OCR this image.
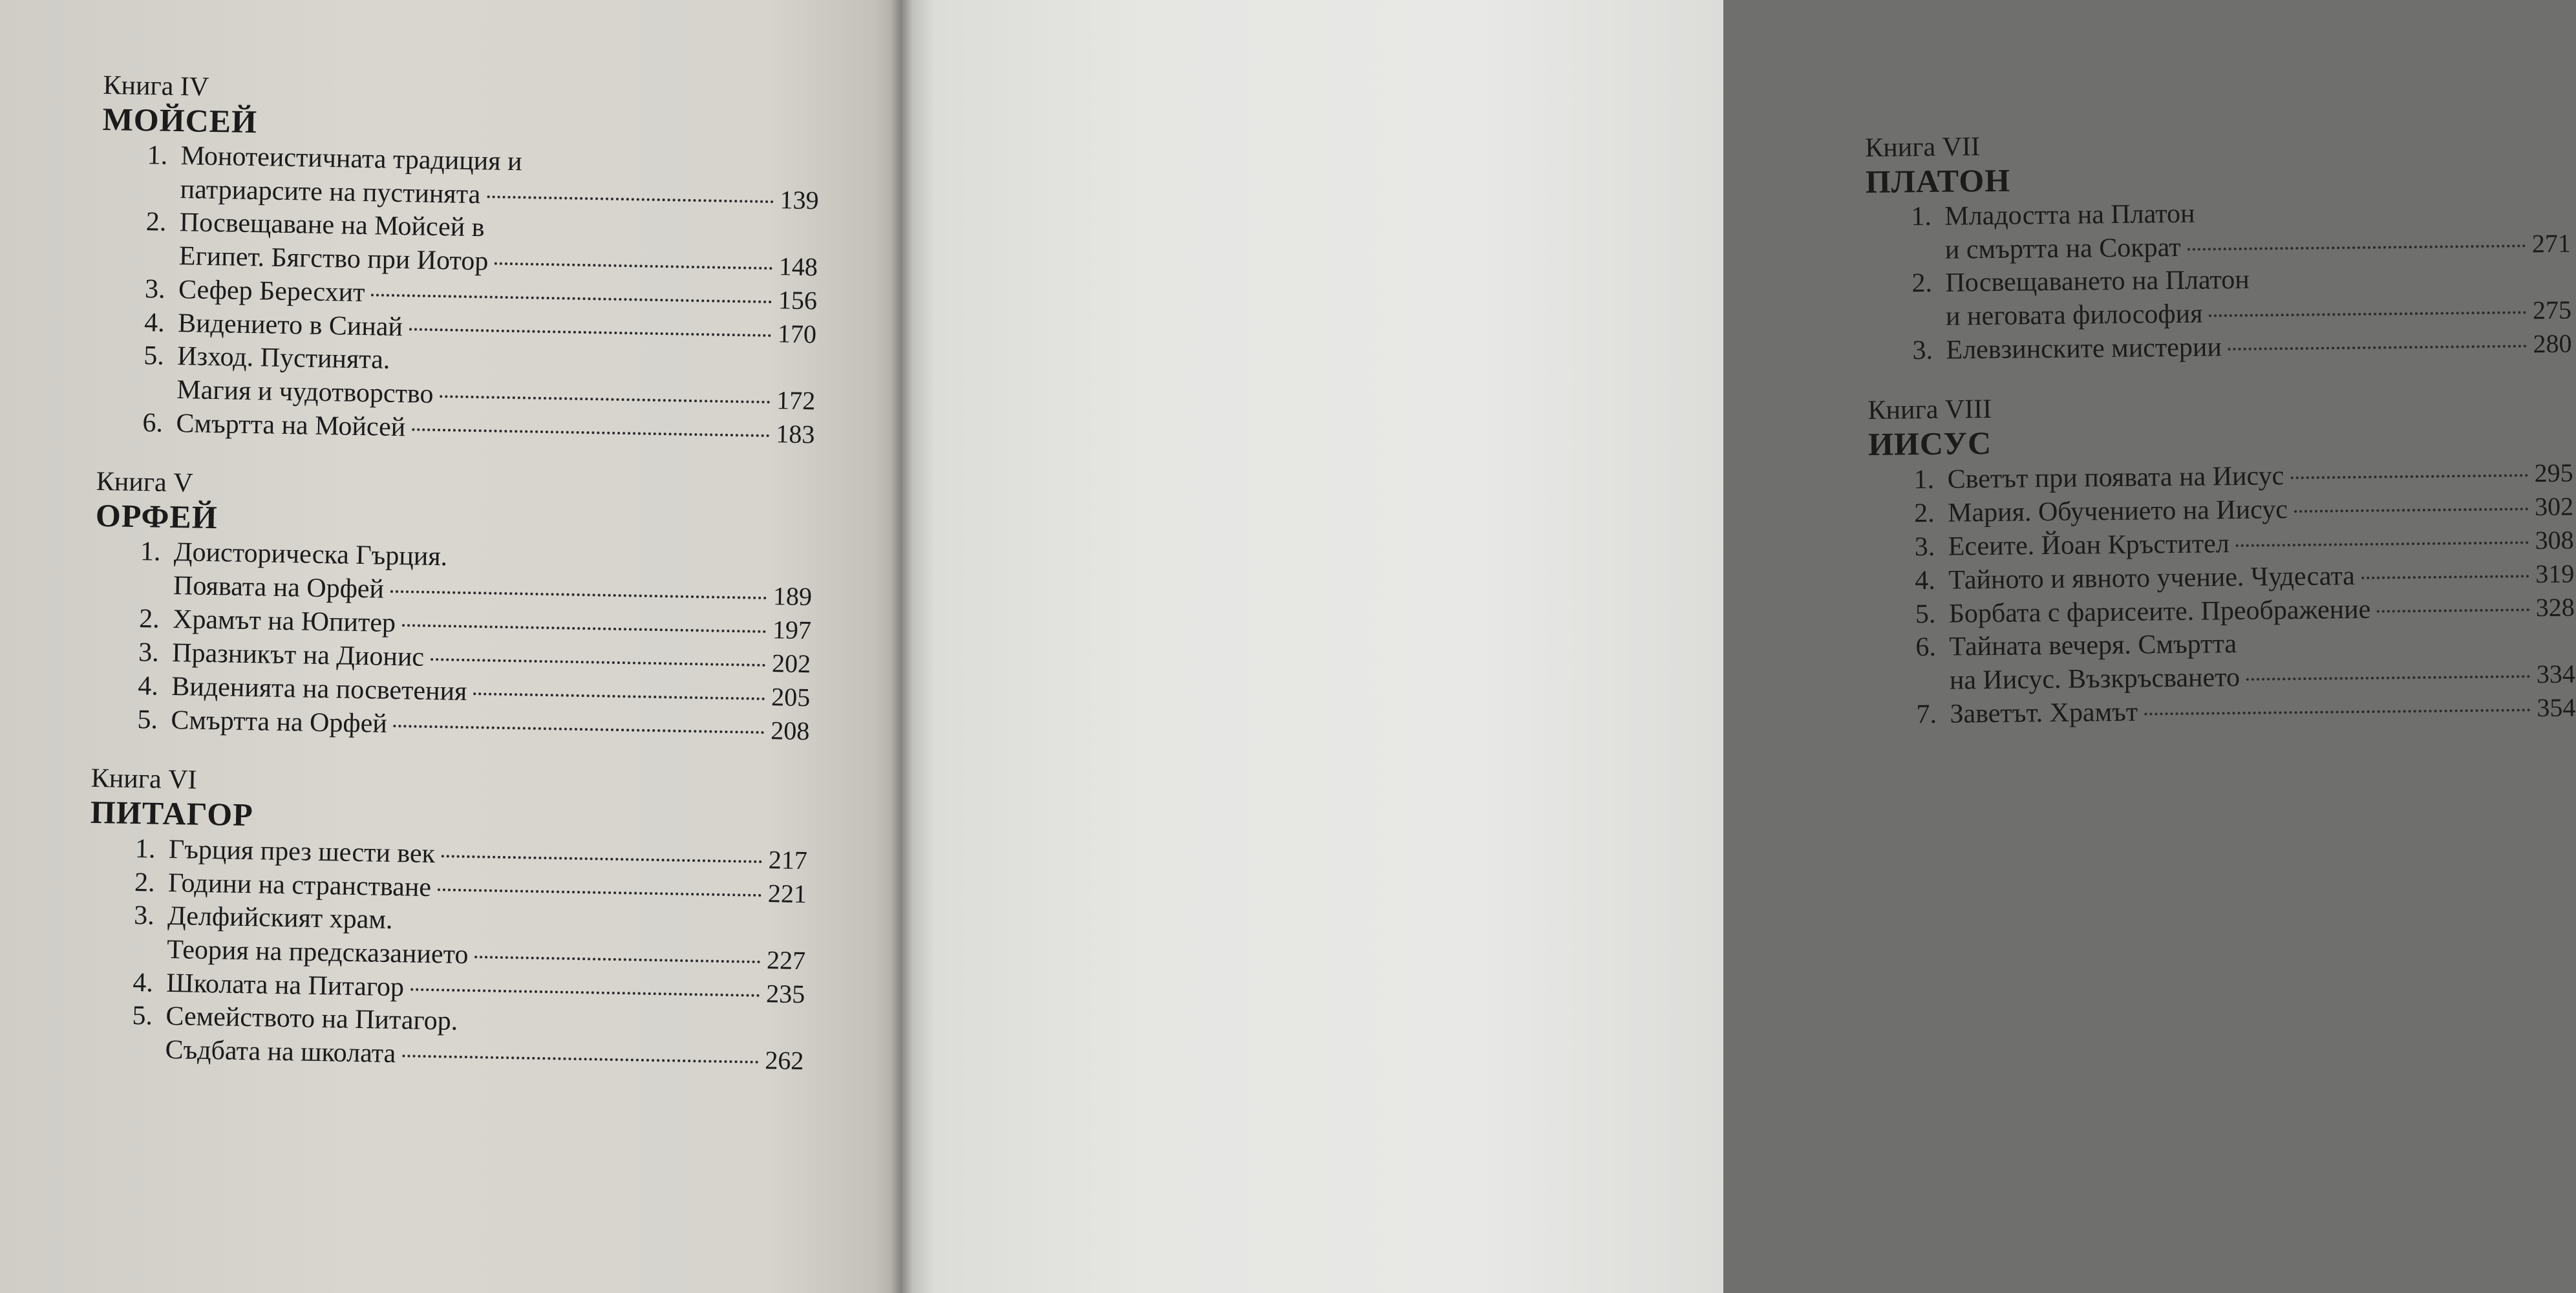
Книга IV
МОЙСЕЙ
1. Монотеистичната традиция и
патриарсите на пустинята	139
2. Посвещаване на Мойсей в
Египет. Бягство при Иотор	148
3. Сефер Бересхит	156
4. Видението в Синай	170
5. Изход. Пустинята.
Магия и чудотворство	172
6. Смъртта на Мойсей	183
Книга V
ОРФЕЙ
1. Доисторическа Гърция.
Появата на Орфей	189
2. Храмът на Юпитер	197
3. Празникът на Дионис	202
4. Виденията на посветения	205
5. Смъртта на Орфей	208
Книга VI
ПИТАГОР
1. Гърция през шести век	217
2. Години на странстване	221
3. Делфийският храм.
Теория на предсказанието	227
4. Школата на Питагор	235
5. Семейството на Питагор.
Съдбата на школата	262
Книга VII
ПЛАТОН
1. Младостта на Платон
и смъртта на Сократ	271
2. Посвещаването на Платон
и неговата философия	275
3. Елевзинските мистерии	280
Книга VIII
ИИСУС
1. Светът при появата на Иисус	295
2. Мария. Обучението на Иисус	302
3. Есеите. Йоан Кръстител	308
4. Тайното и явното учение. Чудесата	319
5. Борбата с фарисеите. Преображение	328
6. Тайната вечеря. Смъртта
на Иисус. Възкръсването	334
7. Заветът. Храмът	354
